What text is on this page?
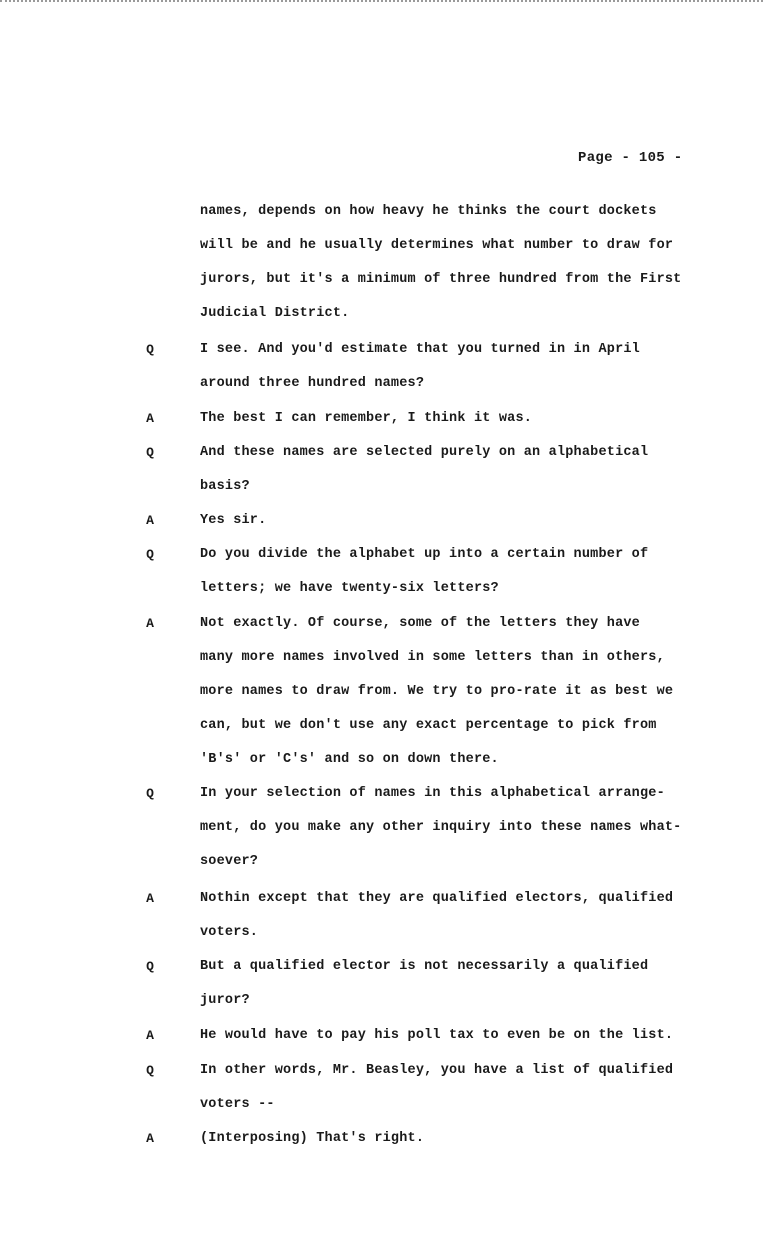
Page - 105 -
names, depends on how heavy he thinks the court dockets
will be and he usually determines what number to draw for
jurors, but it's a minimum of three hundred from the First
Judicial District.
Q	I see. And you'd estimate that you turned in in April
around three hundred names?
A	The best I can remember, I think it was.
Q	And these names are selected purely on an alphabetical
basis?
A	Yes sir.
Q	Do you divide the alphabet up into a certain number of
letters; we have twenty-six letters?
A	Not exactly. Of course, some of the letters they have
many more names involved in some letters than in others,
more names to draw from. We try to pro-rate it as best we
can, but we don't use any exact percentage to pick from
'B's' or 'C's' and so on down there.
Q	In your selection of names in this alphabetical arrange-
ment, do you make any other inquiry into these names what-
soever?
A	Nothin except that they are qualified electors, qualified
voters.
Q	But a qualified elector is not necessarily a qualified
juror?
A	He would have to pay his poll tax to even be on the list.
Q	In other words, Mr. Beasley, you have a list of qualified
voters --
A	(Interposing) That's right.
